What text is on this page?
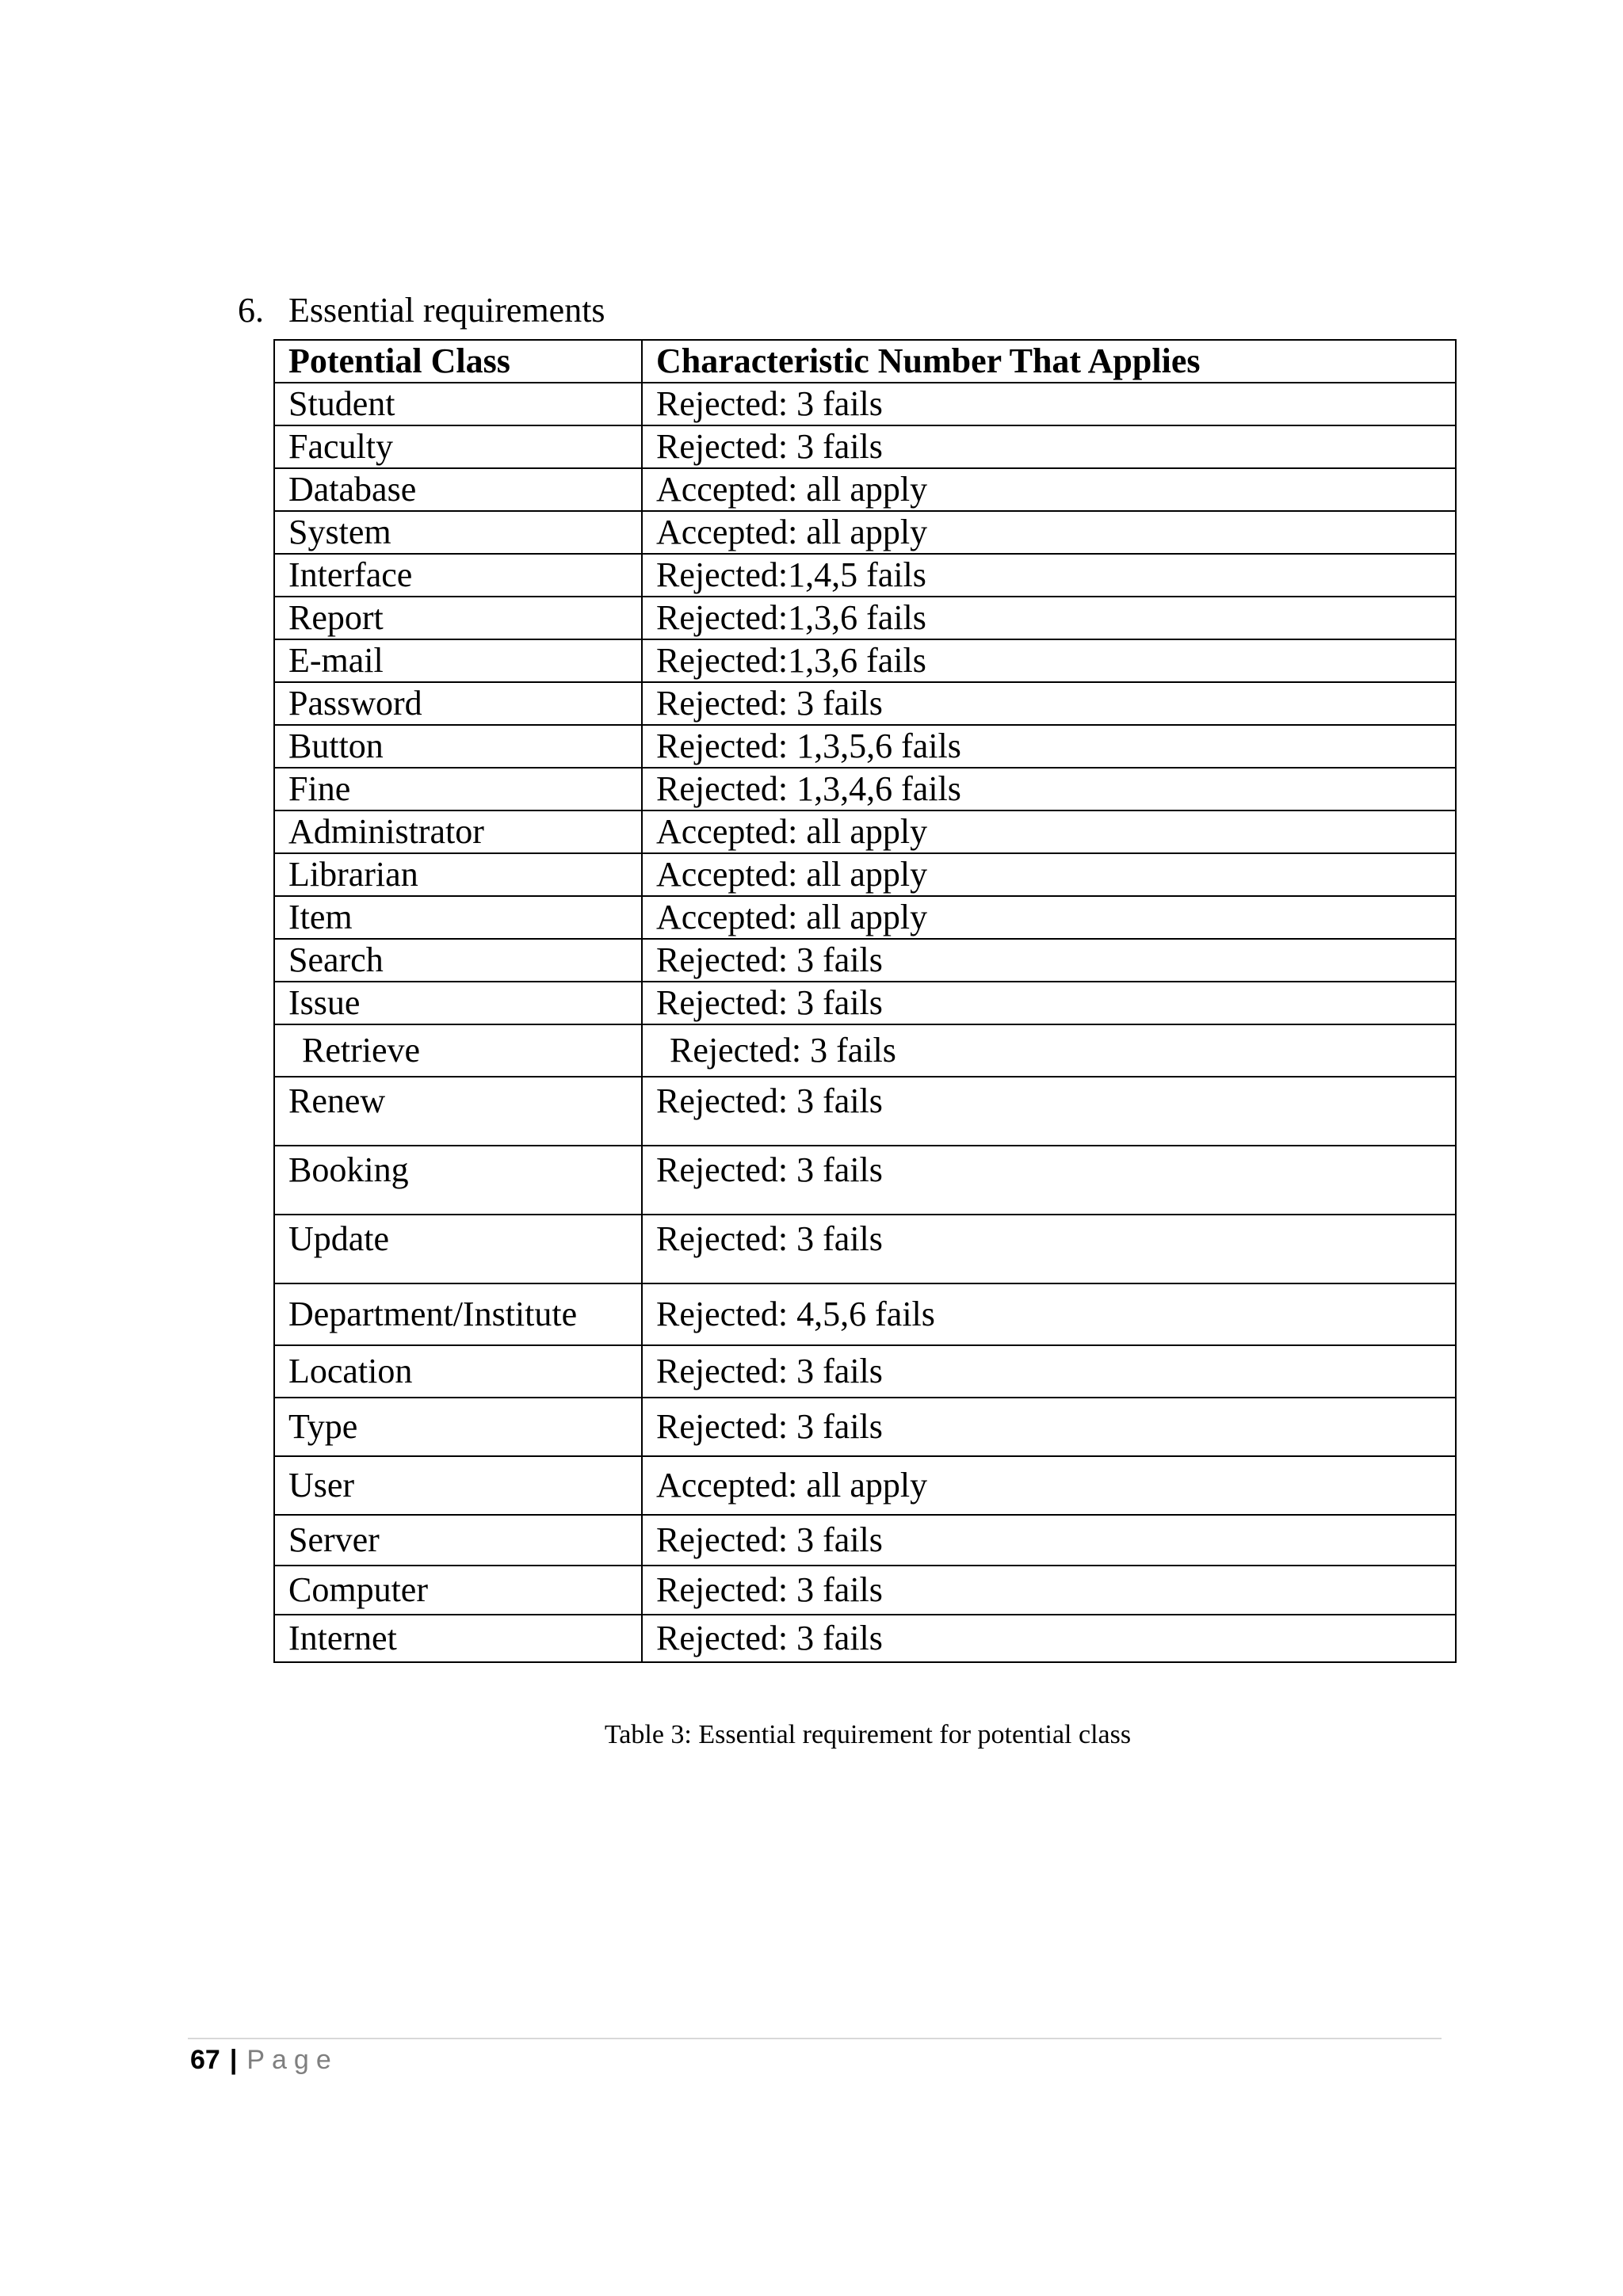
6. Essential requirements
Potential Class	Characteristic Number That Applies
Student	Rejected: 3 fails
Faculty	Rejected: 3 fails
Database	Accepted: all apply
System	Accepted: all apply
Interface	Rejected:1,4,5 fails
Report	Rejected:1,3,6 fails
E-mail	Rejected:1,3,6 fails
Password	Rejected: 3 fails
Button	Rejected: 1,3,5,6 fails
Fine	Rejected: 1,3,4,6 fails
Administrator	Accepted: all apply
Librarian	Accepted: all apply
Item	Accepted: all apply
Search	Rejected: 3 fails
Issue	Rejected: 3 fails
Retrieve	Rejected: 3 fails
Renew	Rejected: 3 fails
Booking	Rejected: 3 fails
Update	Rejected: 3 fails
Department/Institute	Rejected: 4,5,6 fails
Location	Rejected: 3 fails
Type	Rejected: 3 fails
User	Accepted: all apply
Server	Rejected: 3 fails
Computer	Rejected: 3 fails
Internet	Rejected: 3 fails
Table 3: Essential requirement for potential class
67 | Page
